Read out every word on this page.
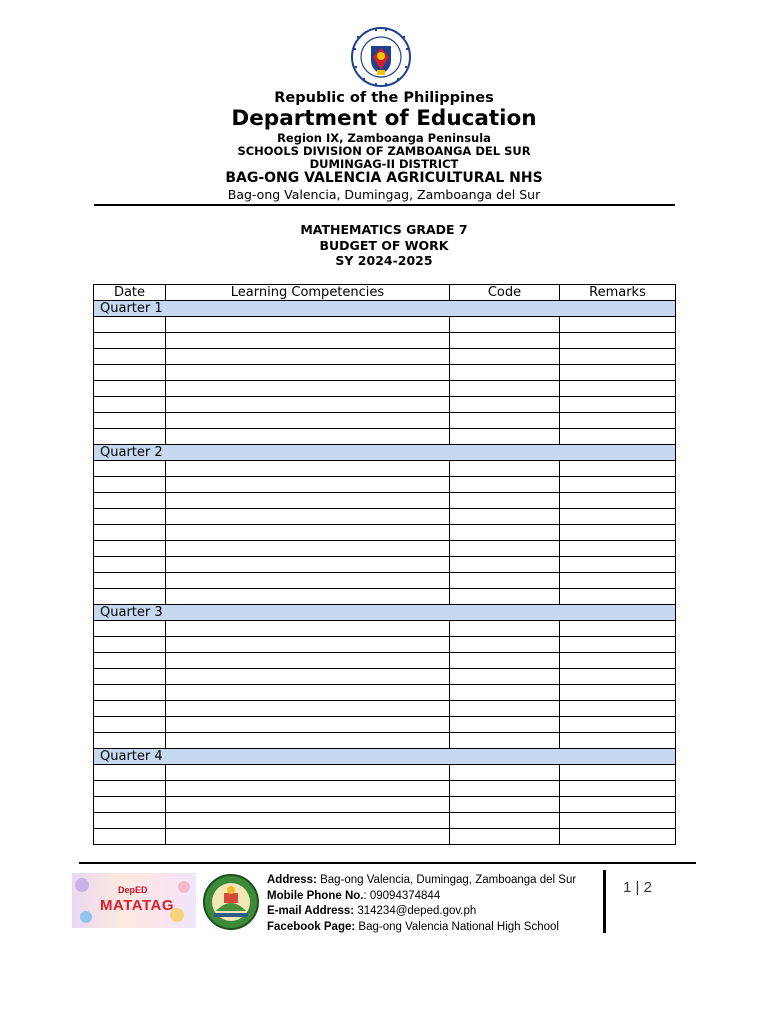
Republic of the Philippines
Department of Education
Region IX, Zamboanga Peninsula
SCHOOLS DIVISION OF ZAMBOANGA DEL SUR
DUMINGAG-II DISTRICT
BAG-ONG VALENCIA AGRICULTURAL NHS
Bag-ong Valencia, Dumingag, Zamboanga del Sur
MATHEMATICS GRADE 7
BUDGET OF WORK
SY 2024-2025
Date	Learning Competencies	Code	Remarks
Quarter 1			

Quarter 2			

Quarter 3			

Quarter 4			

DepED
MATATAG
Address: Bag-ong Valencia, Dumingag, Zamboanga del Sur
Mobile Phone No.: 09094374844
E-mail Address: 314234@deped.gov.ph
Facebook Page: Bag-ong Valencia National High School
1 | 2
